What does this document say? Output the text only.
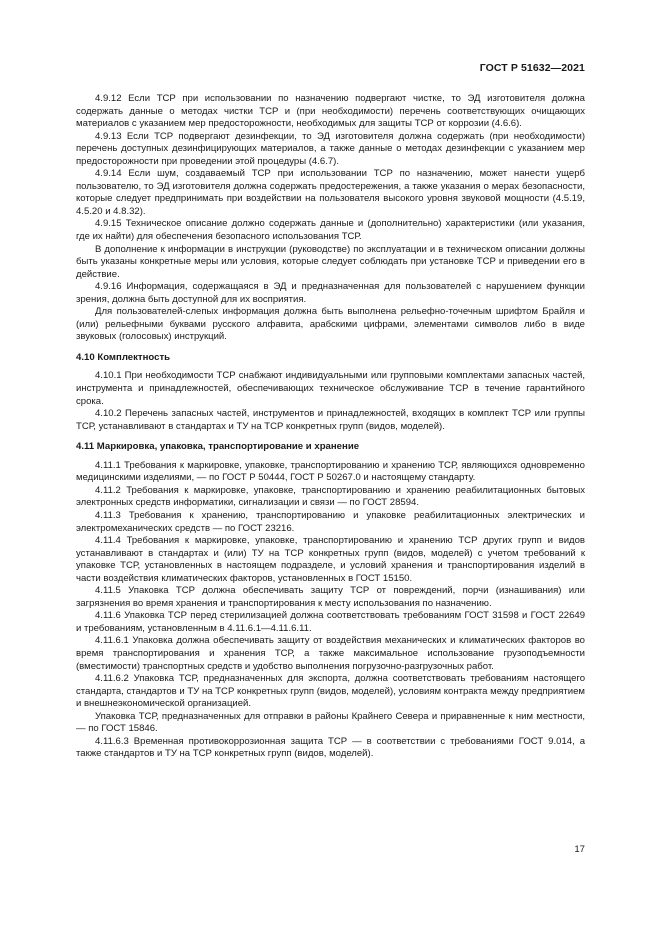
ГОСТ Р 51632—2021

4.9.12 Если ТСР при использовании по назначению подвергают чистке, то ЭД изготовителя должна содержать данные о методах чистки ТСР и (при необходимости) перечень соответствующих очищающих материалов с указанием мер предосторожности, необходимых для защиты ТСР от коррозии (4.6.6).

4.9.13 Если ТСР подвергают дезинфекции, то ЭД изготовителя должна содержать (при необходимости) перечень доступных дезинфицирующих материалов, а также данные о методах дезинфекции с указанием мер предосторожности при проведении этой процедуры (4.6.7).

4.9.14 Если шум, создаваемый ТСР при использовании ТСР по назначению, может нанести ущерб пользователю, то ЭД изготовителя должна содержать предостережения, а также указания о мерах безопасности, которые следует предпринимать при воздействии на пользователя высокого уровня звуковой мощности (4.5.19, 4.5.20 и 4.8.32).

4.9.15 Техническое описание должно содержать данные и (дополнительно) характеристики (или указания, где их найти) для обеспечения безопасного использования ТСР.

В дополнение к информации в инструкции (руководстве) по эксплуатации и в техническом описании должны быть указаны конкретные меры или условия, которые следует соблюдать при установке ТСР и приведении его в действие.

4.9.16 Информация, содержащаяся в ЭД и предназначенная для пользователей с нарушением функции зрения, должна быть доступной для их восприятия.

Для пользователей-слепых информация должна быть выполнена рельефно-точечным шрифтом Брайля и (или) рельефными буквами русского алфавита, арабскими цифрами, элементами символов либо в виде звуковых (голосовых) инструкций.

4.10 Комплектность

4.10.1 При необходимости ТСР снабжают индивидуальными или групповыми комплектами запасных частей, инструмента и принадлежностей, обеспечивающих техническое обслуживание ТСР в течение гарантийного срока.

4.10.2 Перечень запасных частей, инструментов и принадлежностей, входящих в комплект ТСР или группы ТСР, устанавливают в стандартах и ТУ на ТСР конкретных групп (видов, моделей).

4.11 Маркировка, упаковка, транспортирование и хранение

4.11.1 Требования к маркировке, упаковке, транспортированию и хранению ТСР, являющихся одновременно медицинскими изделиями, — по ГОСТ Р 50444, ГОСТ Р 50267.0 и настоящему стандарту.

4.11.2 Требования к маркировке, упаковке, транспортированию и хранению реабилитационных бытовых электронных средств информатики, сигнализации и связи — по ГОСТ 28594.

4.11.3 Требования к хранению, транспортированию и упаковке реабилитационных электрических и электромеханических средств — по ГОСТ 23216.

4.11.4 Требования к маркировке, упаковке, транспортированию и хранению ТСР других групп и видов устанавливают в стандартах и (или) ТУ на ТСР конкретных групп (видов, моделей) с учетом требований к упаковке ТСР, установленных в настоящем подразделе, и условий хранения и транспортирования изделий в части воздействия климатических факторов, установленных в ГОСТ 15150.

4.11.5 Упаковка ТСР должна обеспечивать защиту ТСР от повреждений, порчи (изнашивания) или загрязнения во время хранения и транспортирования к месту использования по назначению.

4.11.6 Упаковка ТСР перед стерилизацией должна соответствовать требованиям ГОСТ 31598 и ГОСТ 22649 и требованиям, установленным в 4.11.6.1—4.11.6.11.

4.11.6.1 Упаковка должна обеспечивать защиту от воздействия механических и климатических факторов во время транспортирования и хранения ТСР, а также максимальное использование грузоподъемности (вместимости) транспортных средств и удобство выполнения погрузочно-разгрузочных работ.

4.11.6.2 Упаковка ТСР, предназначенных для экспорта, должна соответствовать требованиям настоящего стандарта, стандартов и ТУ на ТСР конкретных групп (видов, моделей), условиям контракта между предприятием и внешнеэкономической организацией.

Упаковка ТСР, предназначенных для отправки в районы Крайнего Севера и приравненные к ним местности, — по ГОСТ 15846.

4.11.6.3 Временная противокоррозионная защита ТСР — в соответствии с требованиями ГОСТ 9.014, а также стандартов и ТУ на ТСР конкретных групп (видов, моделей).

17
